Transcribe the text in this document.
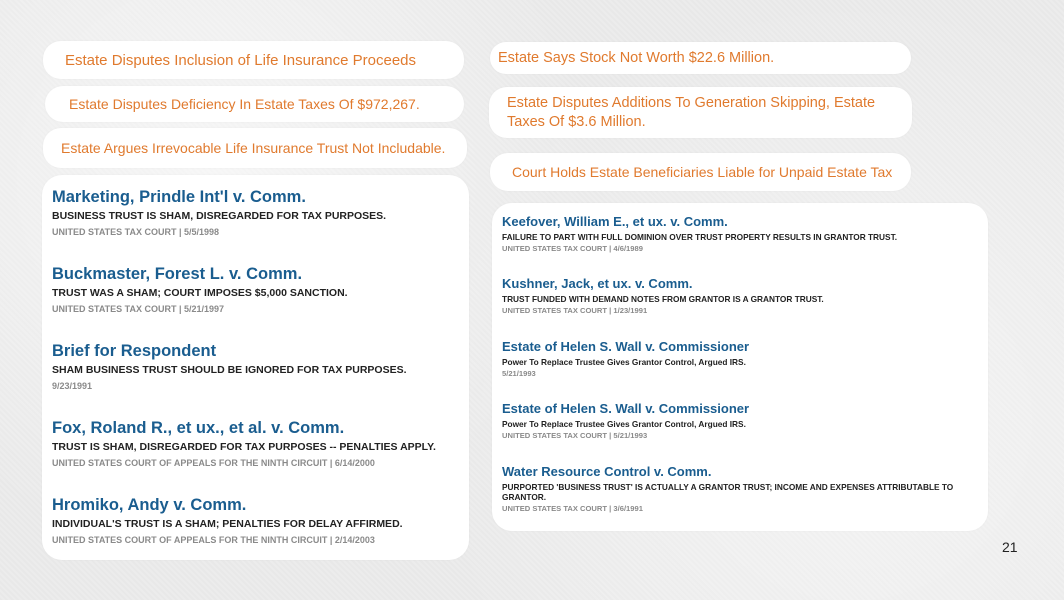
Estate Disputes Inclusion of Life Insurance Proceeds
Estate Disputes Deficiency In Estate Taxes Of $972,267.
Estate Argues Irrevocable Life Insurance Trust Not Includable.
Estate Says Stock Not Worth $22.6 Million.
Estate Disputes Additions To Generation Skipping, Estate Taxes Of $3.6 Million.
Court Holds Estate Beneficiaries Liable for Unpaid Estate Tax
Marketing, Prindle Int'l v. Comm.
BUSINESS TRUST IS SHAM, DISREGARDED FOR TAX PURPOSES.
UNITED STATES TAX COURT | 5/5/1998
Buckmaster, Forest L. v. Comm.
TRUST WAS A SHAM; COURT IMPOSES $5,000 SANCTION.
UNITED STATES TAX COURT | 5/21/1997
Brief for Respondent
SHAM BUSINESS TRUST SHOULD BE IGNORED FOR TAX PURPOSES.
9/23/1991
Fox, Roland R., et ux., et al. v. Comm.
TRUST IS SHAM, DISREGARDED FOR TAX PURPOSES -- PENALTIES APPLY.
UNITED STATES COURT OF APPEALS FOR THE NINTH CIRCUIT | 6/14/2000
Hromiko, Andy v. Comm.
INDIVIDUAL'S TRUST IS A SHAM; PENALTIES FOR DELAY AFFIRMED.
UNITED STATES COURT OF APPEALS FOR THE NINTH CIRCUIT | 2/14/2003
Keefover, William E., et ux. v. Comm.
FAILURE TO PART WITH FULL DOMINION OVER TRUST PROPERTY RESULTS IN GRANTOR TRUST.
UNITED STATES TAX COURT | 4/6/1989
Kushner, Jack, et ux. v. Comm.
TRUST FUNDED WITH DEMAND NOTES FROM GRANTOR IS A GRANTOR TRUST.
UNITED STATES TAX COURT | 1/23/1991
Estate of Helen S. Wall v. Commissioner
Power To Replace Trustee Gives Grantor Control, Argued IRS.
5/21/1993
Estate of Helen S. Wall v. Commissioner
Power To Replace Trustee Gives Grantor Control, Argued IRS.
UNITED STATES TAX COURT | 5/21/1993
Water Resource Control v. Comm.
PURPORTED 'BUSINESS TRUST' IS ACTUALLY A GRANTOR TRUST; INCOME AND EXPENSES ATTRIBUTABLE TO GRANTOR.
UNITED STATES TAX COURT | 3/6/1991
21
